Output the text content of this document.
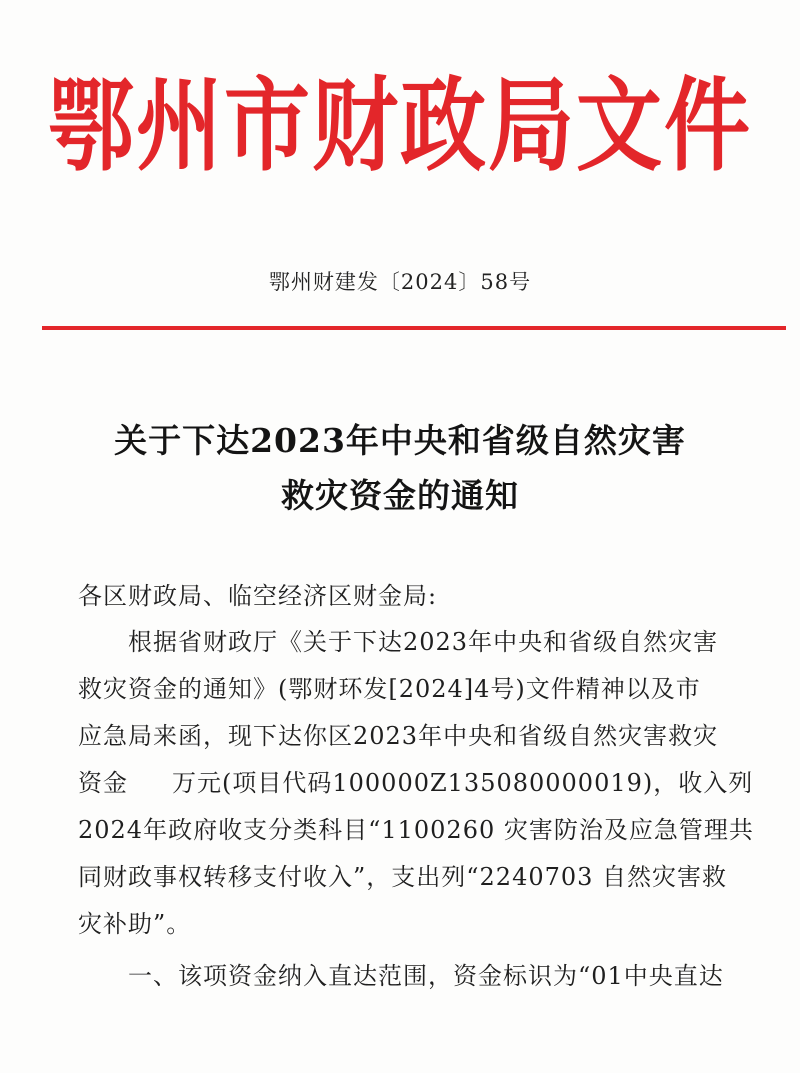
鄂州市财政局文件
鄂州财建发〔2024〕58号
关于下达2023年中央和省级自然灾害
救灾资金的通知
各区财政局、临空经济区财金局:
根据省财政厅《关于下达2023年中央和省级自然灾害
救灾资金的通知》(鄂财环发[2024]4号)文件精神以及市
应急局来函，现下达你区2023年中央和省级自然灾害救灾
资金 万元(项目代码100000Z135080000019)，收入列
2024年政府收支分类科目“1100260 灾害防治及应急管理共
同财政事权转移支付收入”，支出列“2240703 自然灾害救
灾补助”。
一、该项资金纳入直达范围，资金标识为“01中央直达
